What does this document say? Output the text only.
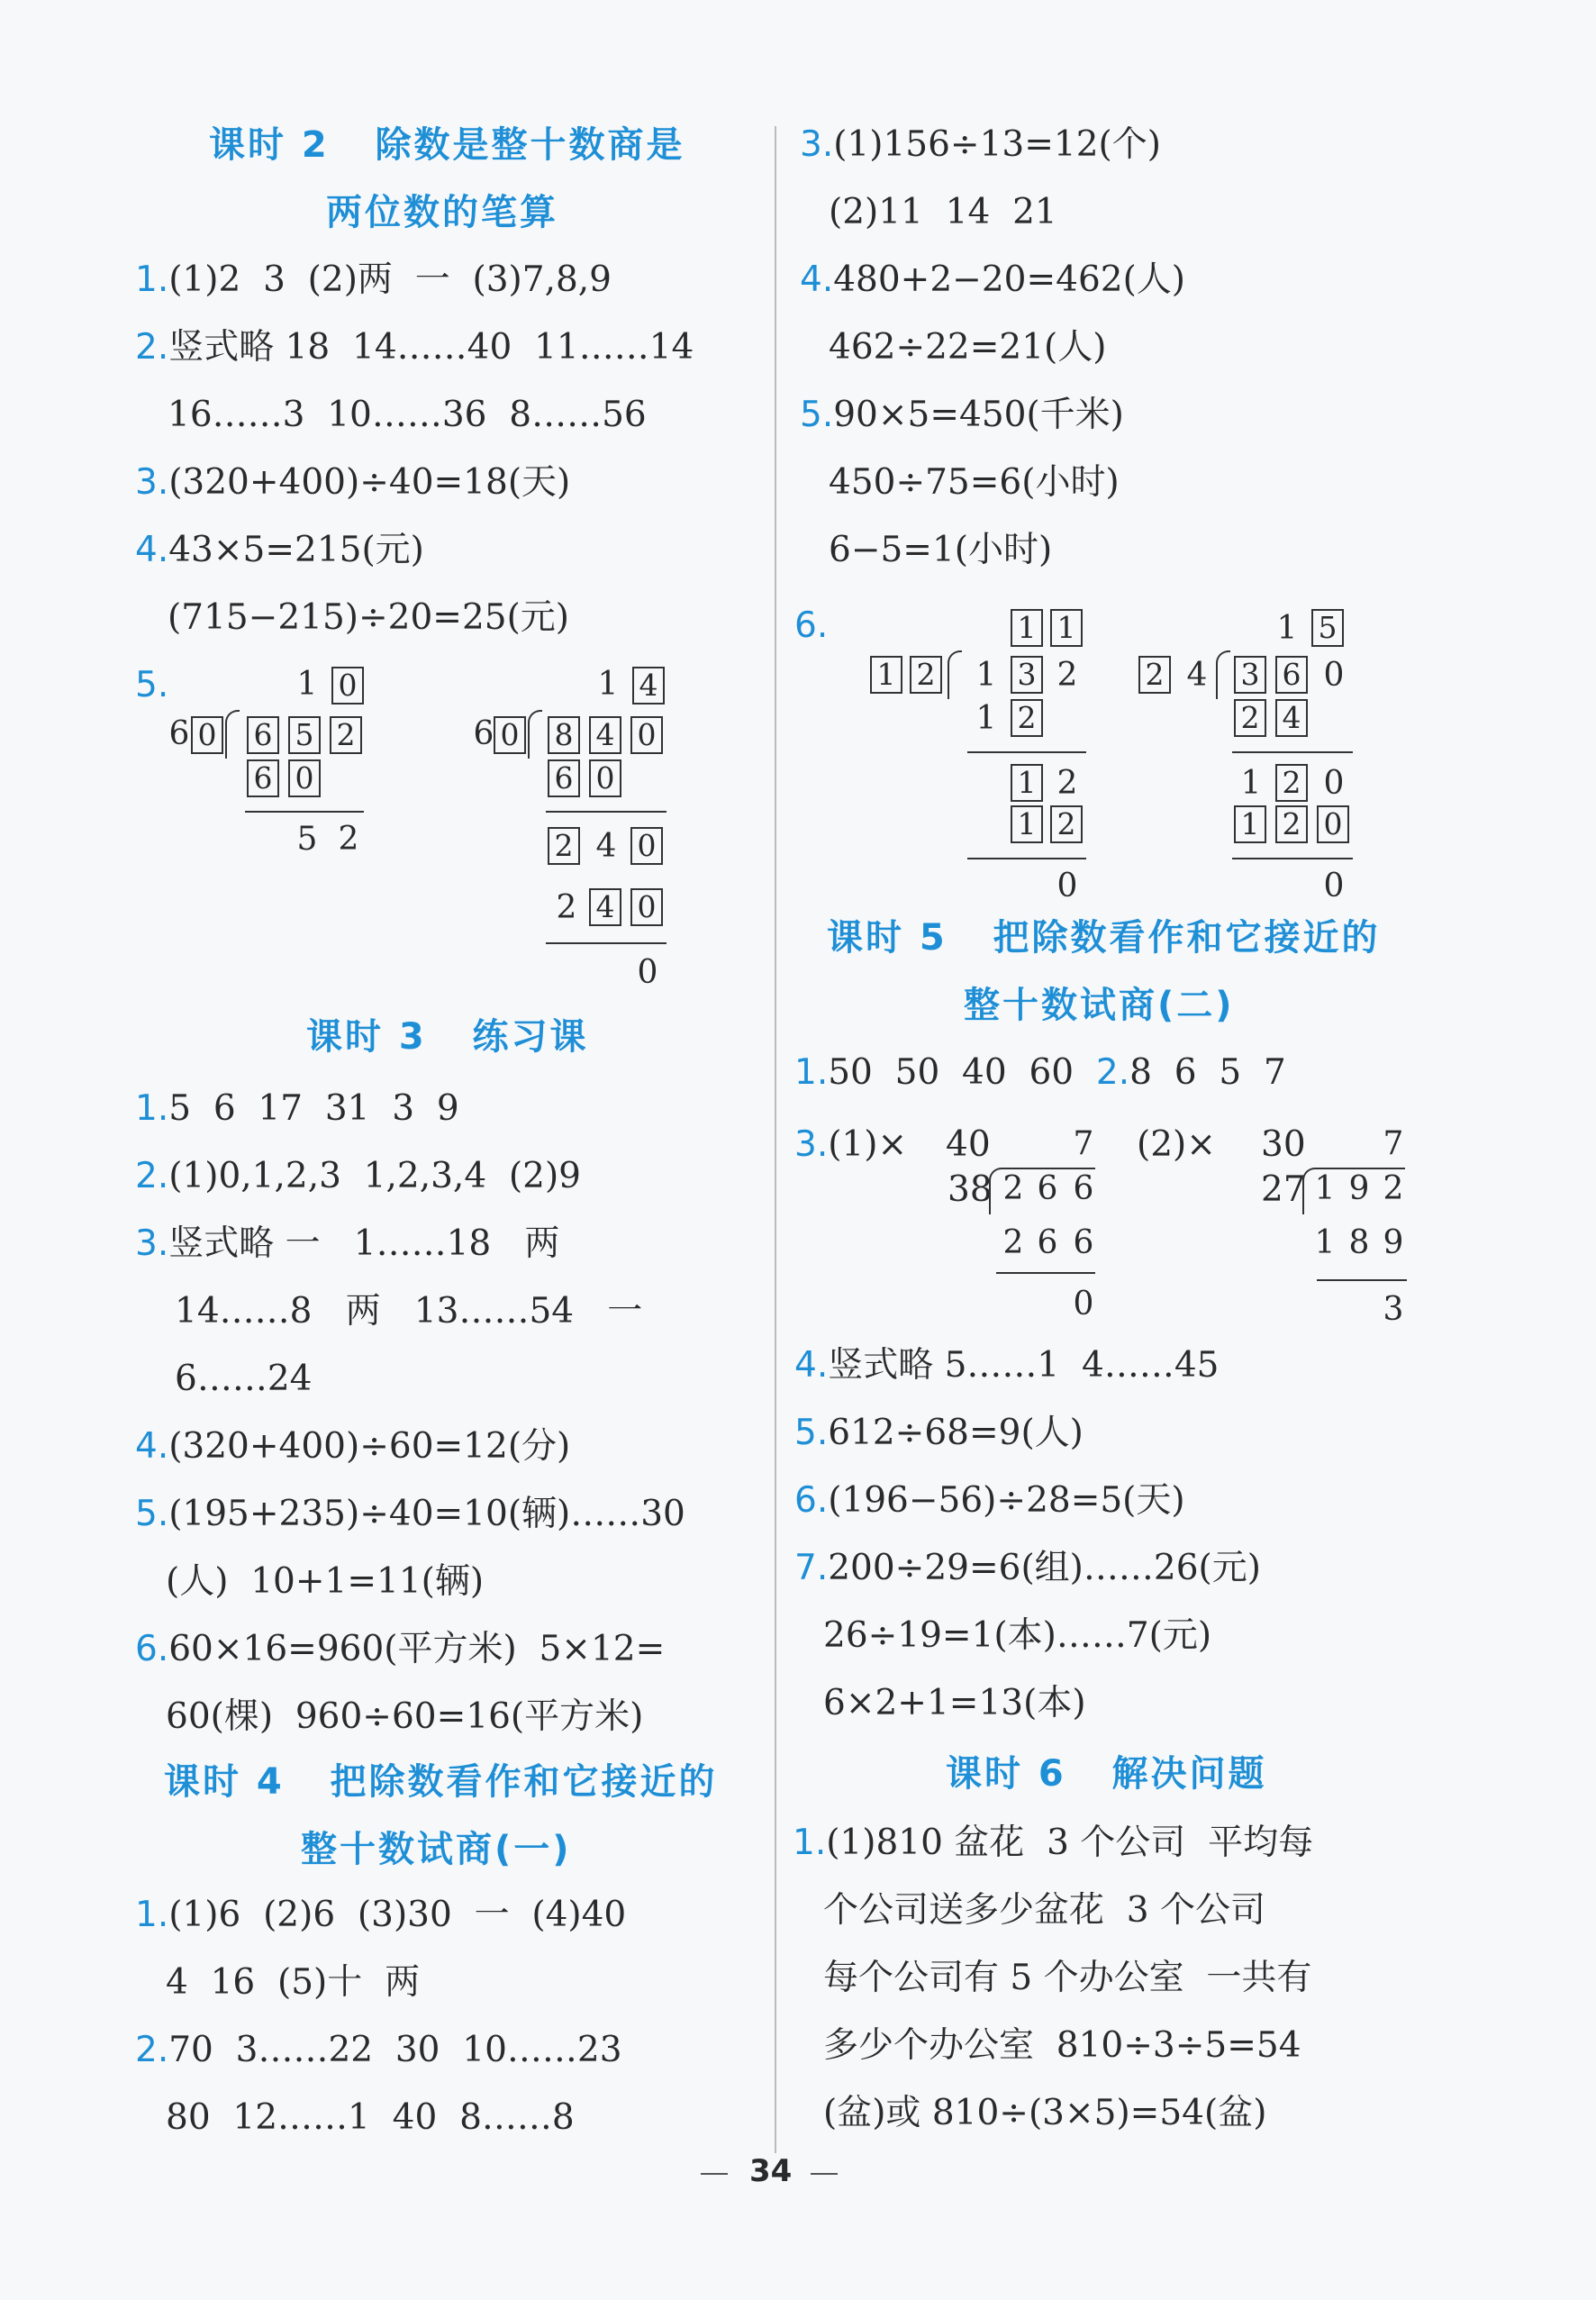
课时 2   除数是整十数商是
两位数的笔算
1.(1)2  3  (2)两  一  (3)7,8,9
2.竖式略 18  14……40  11……14
16……3  10……36  8……56
3.(320+400)÷40=18(天)
4.43×5=215(元)
(715−215)÷20=25(元)
5.	1 0
6 0 6 5 2
6 0
5 2
1 4
6 0 8 4 0
6 0
2 4 0
2 4 0
0
课时 3   练习课
1.5  6  17  31  3  9
2.(1)0,1,2,3  1,2,3,4  (2)9
3.竖式略 一   1……18   两
14……8   两   13……54   一
6……24
4.(320+400)÷60=12(分)
5.(195+235)÷40=10(辆)……30
(人)  10+1=11(辆)
6.60×16=960(平方米)  5×12=
60(棵)  960÷60=16(平方米)
课时 4   把除数看作和它接近的
整十数试商(一)
1.(1)6  (2)6  (3)30  一  (4)40
4  16  (5)十  两
2.70  3……22  30  10……23
80  12……1  40  8……8
3.(1)156÷13=12(个)
(2)11  14  21
4.480+2−20=462(人)
462÷22=21(人)
5.90×5=450(千米)
450÷75=6(小时)
6−5=1(小时)
6.	1 1
1 2 1 3 2
1 2
1 2
1 2
0
1 5
2 4 3 6 0
2 4
1 2 0
1 2 0
0
课时 5   把除数看作和它接近的
整十数试商(二)
1.50  50  40  60  2.8  6  5  7
3.(1)×	(2)×
40	7
38 2 6 6
2 6 6
0
30 7
27 1 9 2
1 8 9
3
4.竖式略 5……1  4……45
5.612÷68=9(人)
6.(196−56)÷28=5(天)
7.200÷29=6(组)……26(元)
26÷19=1(本)……7(元)
6×2+1=13(本)
课时 6   解决问题
1.(1)810 盆花  3 个公司  平均每
个公司送多少盆花  3 个公司
每个公司有 5 个办公室  一共有
多少个办公室  810÷3÷5=54
(盆)或 810÷(3×5)=54(盆)
34
